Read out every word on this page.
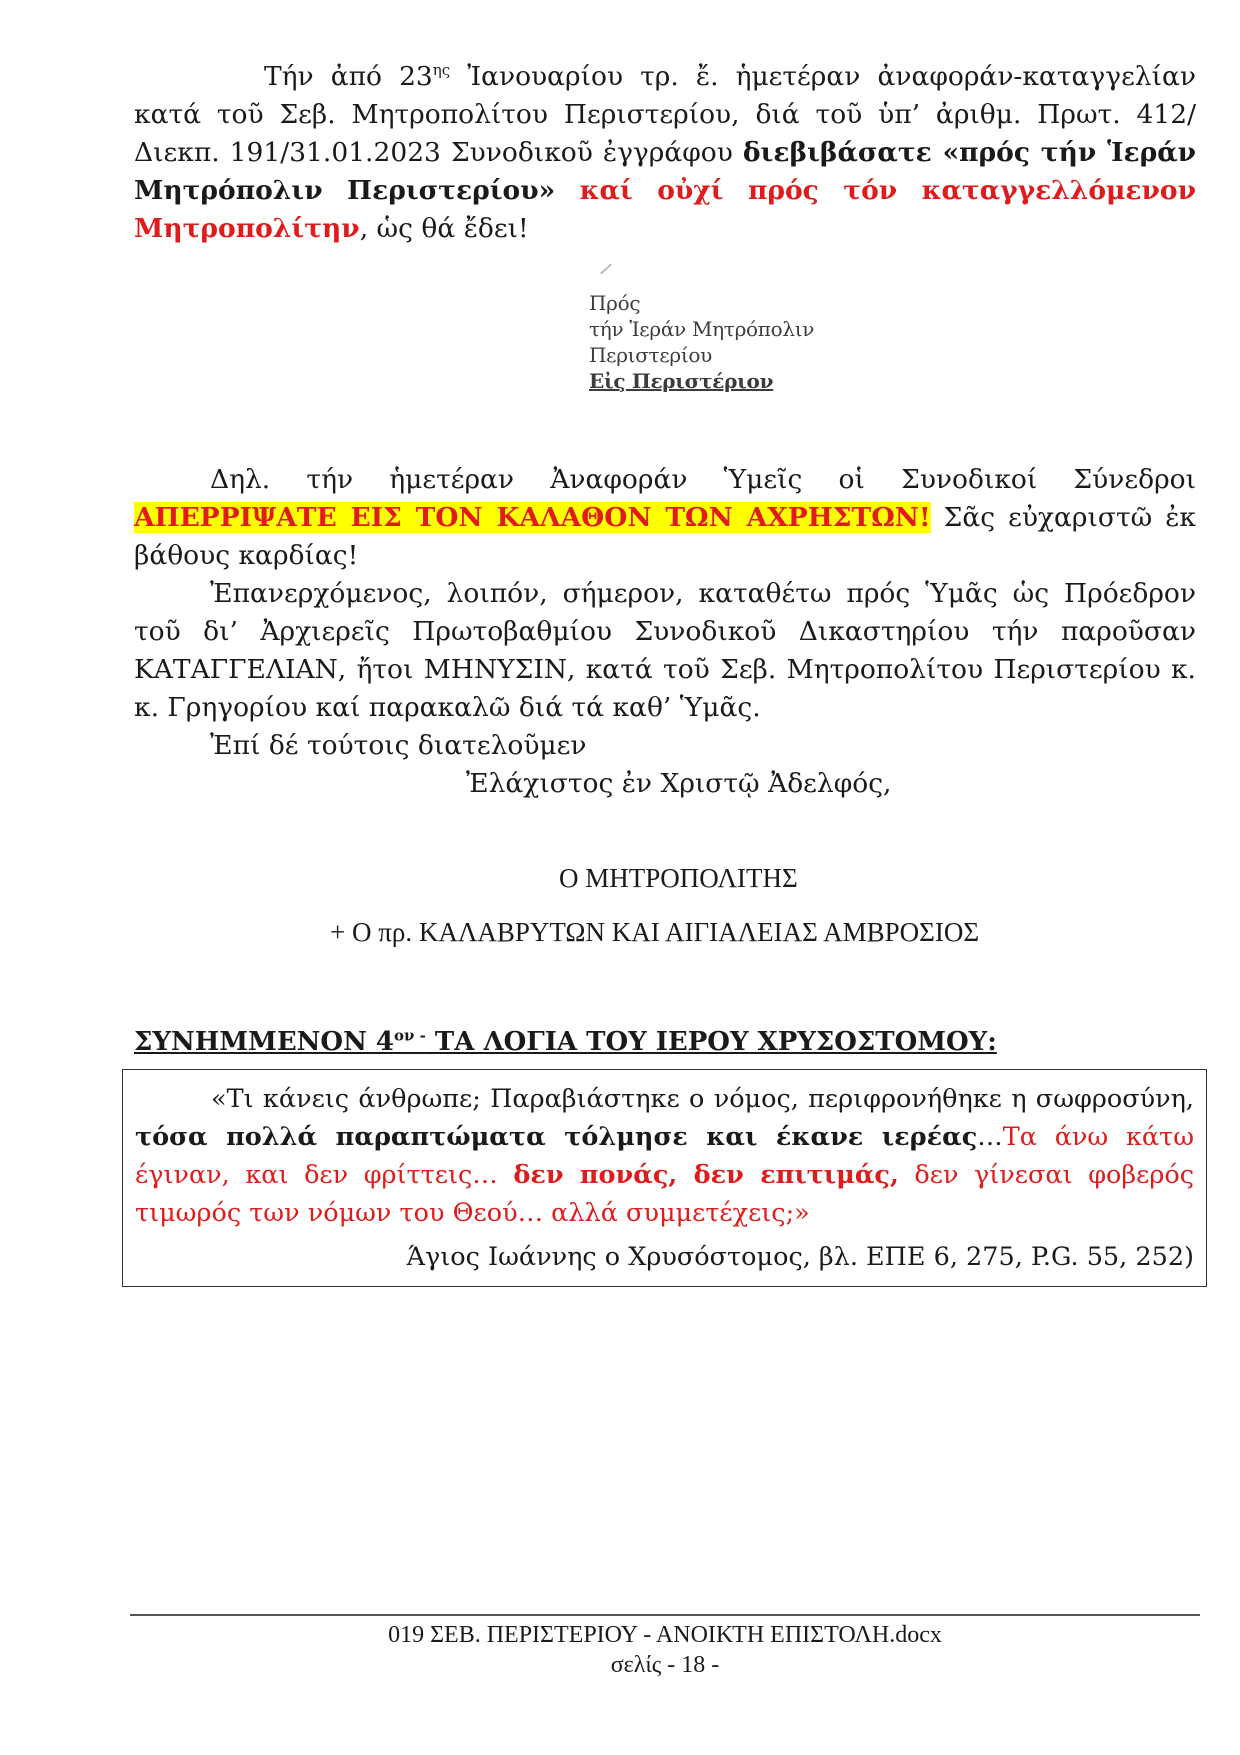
Τήν ἀπό $23^{\eta\varsigma}$ Ἰανουαρίου τρ. ἔ. ἡμετέραν ἀναφοράν-καταγγελίαν κατά τοῦ Σεβ. Μητροπολίτου Περιστερίου, διά τοῦ ὑπ’ ἀριθμ. Πρωτ. 412/Διεκπ. 191/31.01.2023 Συνοδικοῦ ἐγγράφου διεβιβάσατε «πρός τήν Ἱεράν Μητρόπολιν Περιστερίου» καί οὐχί πρός τόν καταγγελλόμενον Μητροπολίτην, ὡς θά ἔδει!

Πρός
τήν Ἱεράν Μητρόπολιν
Περιστερίου
Εἰς Περιστέριον

Δηλ. τήν ἡμετέραν Ἀναφοράν Ὑμεῖς οἱ Συνοδικοί Σύνεδροι ΑΠΕΡΡΙΨΑΤΕ ΕΙΣ ΤΟΝ ΚΑΛΑΘΟΝ ΤΩΝ ΑΧΡΗΣΤΩΝ! Σᾶς εὐχαριστῶ ἐκ βάθους καρδίας!

Ἐπανερχόμενος, λοιπόν, σήμερον, καταθέτω πρός Ὑμᾶς ὡς Πρόεδρον τοῦ δι’ Ἀρχιερεῖς Πρωτοβαθμίου Συνοδικοῦ Δικαστηρίου τήν παροῦσαν ΚΑΤΑΓΓΕΛΙΑΝ, ἤτοι ΜΗΝΥΣΙΝ, κατά τοῦ Σεβ. Μητροπολίτου Περιστερίου κ. κ. Γρηγορίου καί παρακαλῶ διά τά καθ’ Ὑμᾶς.

Ἐπί δέ τούτοις διατελοῦμεν

Ἐλάχιστος ἐν Χριστῷ Ἀδελφός,

Ο ΜΗΤΡΟΠΟΛΙΤΗΣ

+ Ο πρ. ΚΑΛΑΒΡΥΤΩΝ ΚΑΙ ΑΙΓΙΑΛΕΙΑΣ ΑΜΒΡΟΣΙΟΣ

ΣΥΝΗΜΜΕΝΟΝ $4^{o\nu -}$ ΤΑ ΛΟΓΙΑ ΤΟΥ ΙΕΡΟΥ ΧΡΥΣΟΣΤΟΜΟΥ:

«Τι κάνεις άνθρωπε; Παραβιάστηκε ο νόμος, περιφρονήθηκε η σωφροσύνη, τόσα πολλά παραπτώματα τόλμησε και έκανε ιερέας…Τα άνω κάτω έγιναν, και δεν φρίττεις… δεν πονάς, δεν επιτιμάς, δεν γίνεσαι φοβερός τιμωρός των νόμων του Θεού… αλλά συμμετέχεις;»

Άγιος Ιωάννης ο Χρυσόστομος, βλ. ΕΠΕ 6, 275, P.G. 55, 252)

019 ΣΕΒ. ΠΕΡΙΣΤΕΡΙΟΥ - ΑΝΟΙΚΤΗ ΕΠΙΣΤΟΛΗ.docx
σελίς - 18 -
